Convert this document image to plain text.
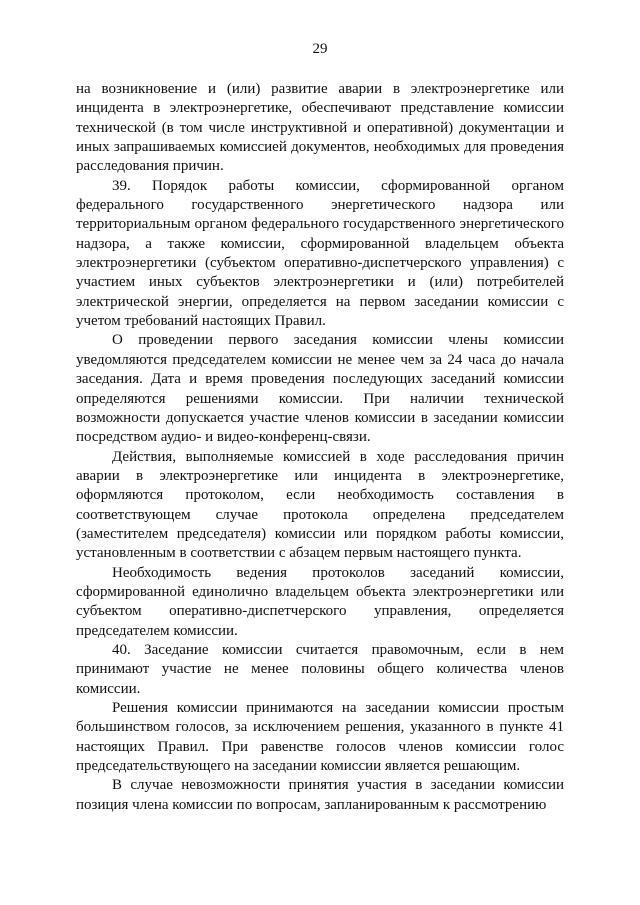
29

на возникновение и (или) развитие аварии в электроэнергетике или инцидента в электроэнергетике, обеспечивают представление комиссии технической (в том числе инструктивной и оперативной) документации и иных запрашиваемых комиссией документов, необходимых для проведения расследования причин.

39. Порядок работы комиссии, сформированной органом федерального государственного энергетического надзора или территориальным органом федерального государственного энергетического надзора, а также комиссии, сформированной владельцем объекта электроэнергетики (субъектом оперативно-диспетчерского управления) с участием иных субъектов электроэнергетики и (или) потребителей электрической энергии, определяется на первом заседании комиссии с учетом требований настоящих Правил.

О проведении первого заседания комиссии члены комиссии уведомляются председателем комиссии не менее чем за 24 часа до начала заседания. Дата и время проведения последующих заседаний комиссии определяются решениями комиссии. При наличии технической возможности допускается участие членов комиссии в заседании комиссии посредством аудио- и видео-конференц-связи.

Действия, выполняемые комиссией в ходе расследования причин аварии в электроэнергетике или инцидента в электроэнергетике, оформляются протоколом, если необходимость составления в соответствующем случае протокола определена председателем (заместителем председателя) комиссии или порядком работы комиссии, установленным в соответствии с абзацем первым настоящего пункта.

Необходимость ведения протоколов заседаний комиссии, сформированной единолично владельцем объекта электроэнергетики или субъектом оперативно-диспетчерского управления, определяется председателем комиссии.

40. Заседание комиссии считается правомочным, если в нем принимают участие не менее половины общего количества членов комиссии.

Решения комиссии принимаются на заседании комиссии простым большинством голосов, за исключением решения, указанного в пункте 41 настоящих Правил. При равенстве голосов членов комиссии голос председательствующего на заседании комиссии является решающим.

В случае невозможности принятия участия в заседании комиссии позиция члена комиссии по вопросам, запланированным к рассмотрению
